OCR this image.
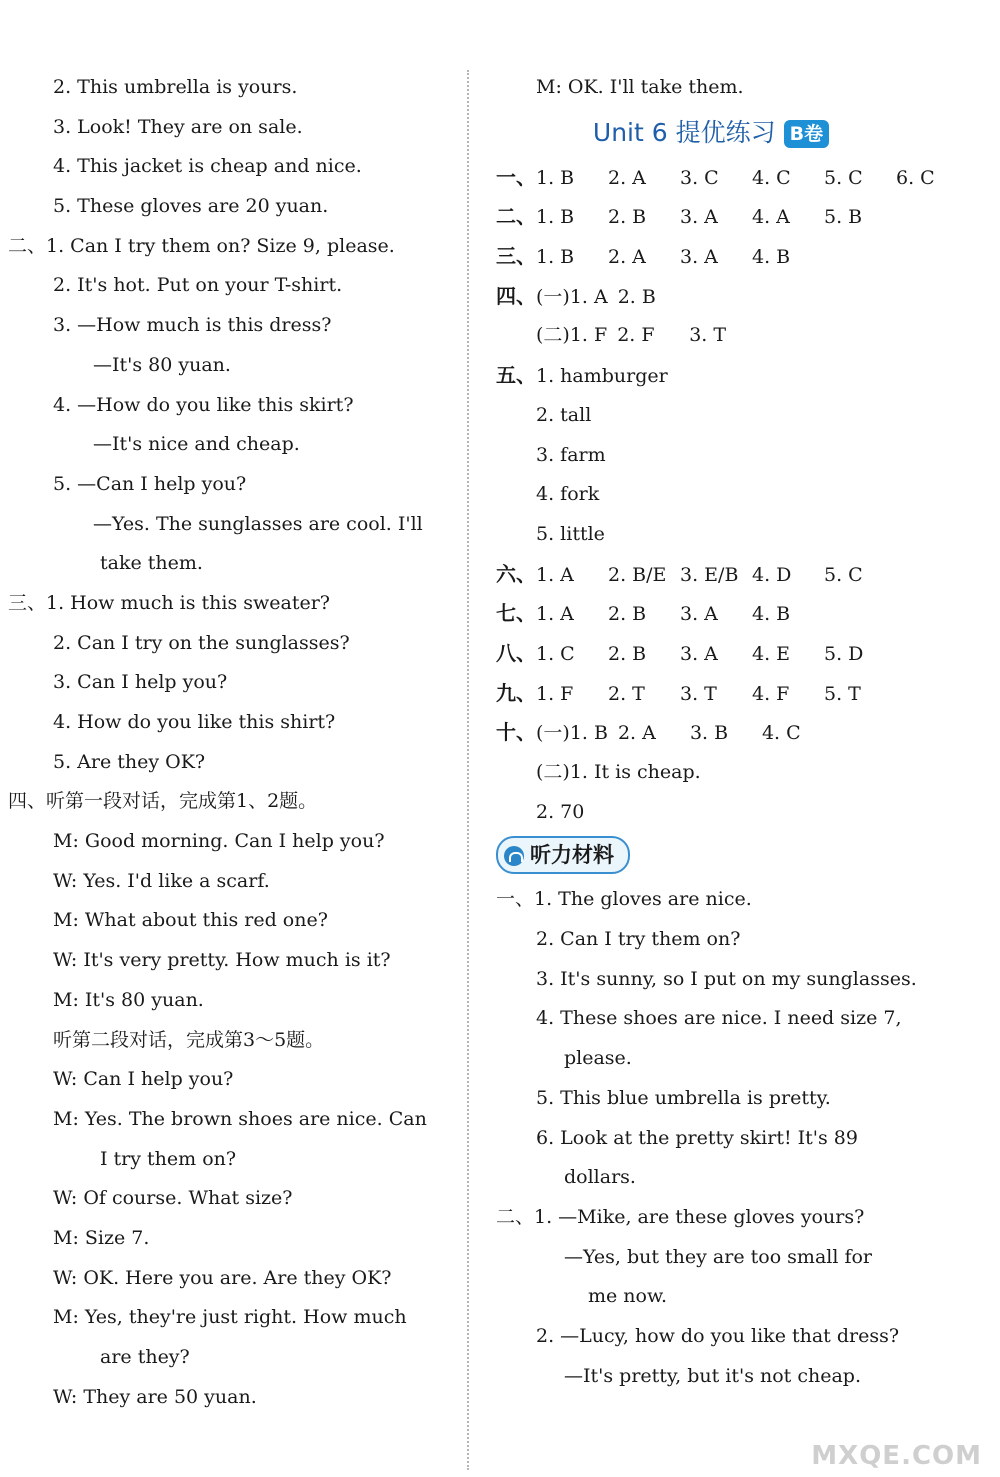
2. This umbrella is yours.
3. Look! They are on sale.
4. This jacket is cheap and nice.
5. These gloves are 20 yuan.
二、1. Can I try them on? Size 9, please.
2. It's hot. Put on your T-shirt.
3. —How much is this dress?
—It's 80 yuan.
4. —How do you like this skirt?
—It's nice and cheap.
5. —Can I help you?
—Yes. The sunglasses are cool. I'll
take them.
三、1. How much is this sweater?
2. Can I try on the sunglasses?
3. Can I help you?
4. How do you like this shirt?
5. Are they OK?
四、听第一段对话，完成第1、2题。
M: Good morning. Can I help you?
W: Yes. I'd like a scarf.
M: What about this red one?
W: It's very pretty. How much is it?
M: It's 80 yuan.
听第二段对话，完成第3～5题。
W: Can I help you?
M: Yes. The brown shoes are nice. Can
I try them on?
W: Of course. What size?
M: Size 7.
W: OK. Here you are. Are they OK?
M: Yes, they're just right. How much
are they?
W: They are 50 yuan.
M: OK. I'll take them.
Unit 6 提优练习 B卷
一、1. B 2. A 3. C 4. C 5. C 6. C
二、1. B 2. B 3. A 4. A 5. B
三、1. B 2. A 3. A 4. B
四、(一)1. A 2. B
(二)1. F 2. F 3. T
五、1. hamburger
2. tall
3. farm
4. fork
5. little
六、1. A 2. B/E 3. E/B 4. D 5. C
七、1. A 2. B 3. A 4. B
八、1. C 2. B 3. A 4. E 5. D
九、1. F 2. T 3. T 4. F 5. T
十、(一)1. B 2. A 3. B 4. C
(二)1. It is cheap.
2. 70
听力材料
一、1. The gloves are nice.
2. Can I try them on?
3. It's sunny, so I put on my sunglasses.
4. These shoes are nice. I need size 7,
please.
5. This blue umbrella is pretty.
6. Look at the pretty skirt! It's 89
dollars.
二、1. —Mike, are these gloves yours?
—Yes, but they are too small for
me now.
2. —Lucy, how do you like that dress?
—It's pretty, but it's not cheap.
MXQE.COM
